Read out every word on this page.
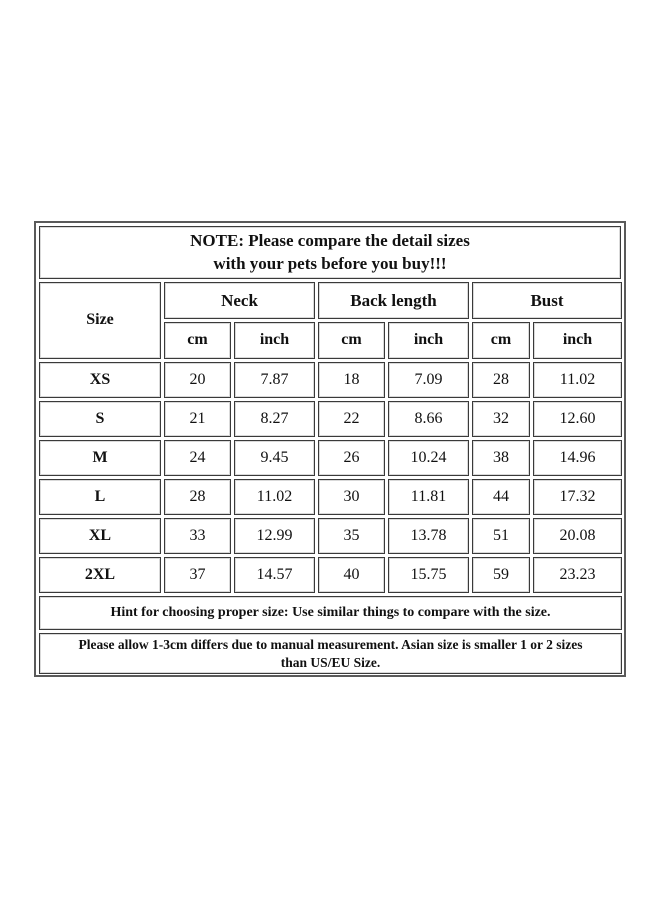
NOTE: Please compare the detail sizes
with your pets before you buy!!!
Size
Neck	Back length	Bust
cm	inch	cm	inch	cm	inch
XS	20	7.87	18	7.09	28	11.02
S	21	8.27	22	8.66	32	12.60
M	24	9.45	26	10.24	38	14.96
L	28	11.02	30	11.81	44	17.32
XL	33	12.99	35	13.78	51	20.08
2XL	37	14.57	40	15.75	59	23.23
Hint for choosing proper size: Use similar things to compare with the size.
Please allow 1-3cm differs due to manual measurement. Asian size is smaller 1 or 2 sizes
than US/EU Size.
